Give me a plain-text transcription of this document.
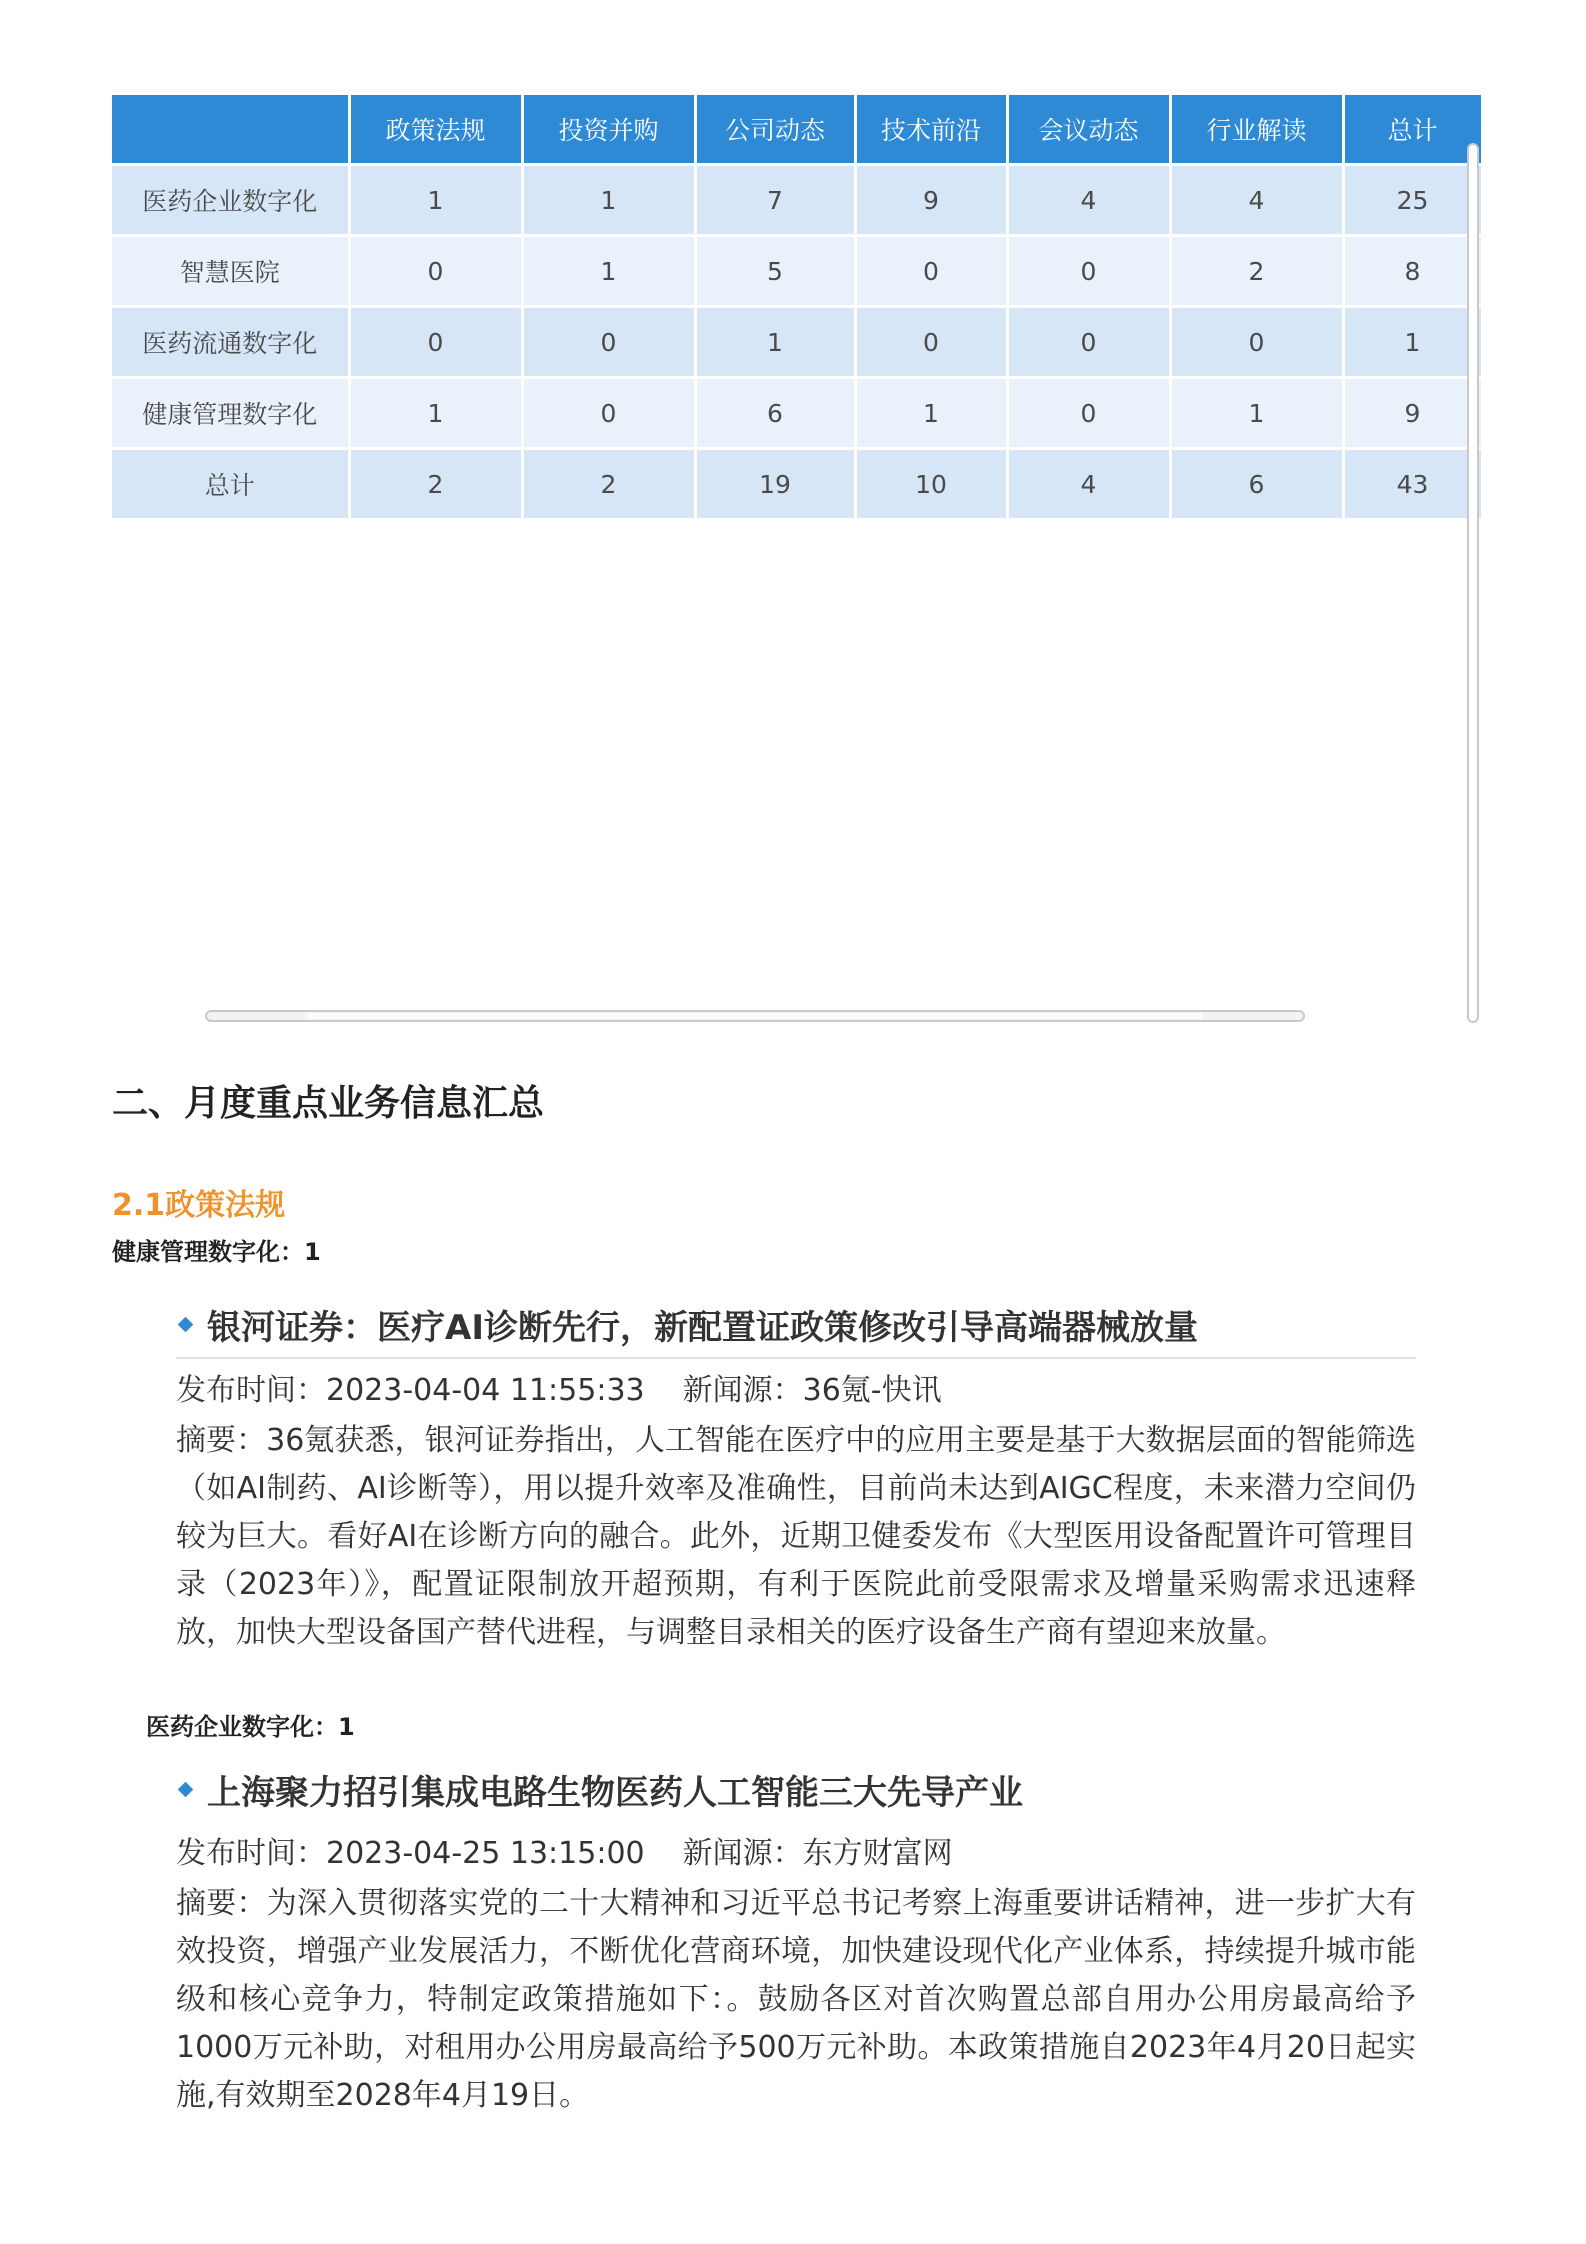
	政策法规	投资并购	公司动态	技术前沿	会议动态	行业解读	总计
医药企业数字化	1	1	7	9	4	4	25
智慧医院	0	1	5	0	0	2	8
医药流通数字化	0	0	1	0	0	0	1
健康管理数字化	1	0	6	1	0	1	9
总计	2	2	19	10	4	6	43
二、月度重点业务信息汇总
2.1政策法规

健康管理数字化：1

银河证券：医疗AI诊断先行，新配置证政策修改引导高端器械放量
发布时间：2023-04-04 11:55:33 新闻源：36氪-快讯
摘要：36氪获悉，银河证券指出，人工智能在医疗中的应用主要是基于大数据层面的智能筛选（如AI制药、AI诊断等），用以提升效率及准确性，目前尚未达到AIGC程度，未来潜力空间仍较为巨大。看好AI在诊断方向的融合。此外，近期卫健委发布《大型医用设备配置许可管理目录（2023年）》，配置证限制放开超预期，有利于医院此前受限需求及增量采购需求迅速释放，加快大型设备国产替代进程，与调整目录相关的医疗设备生产商有望迎来放量。

医药企业数字化：1

上海聚力招引集成电路生物医药人工智能三大先导产业
发布时间：2023-04-25 13:15:00 新闻源：东方财富网
摘要：为深入贯彻落实党的二十大精神和习近平总书记考察上海重要讲话精神，进一步扩大有效投资，增强产业发展活力，不断优化营商环境，加快建设现代化产业体系，持续提升城市能级和核心竞争力，特制定政策措施如下：。鼓励各区对首次购置总部自用办公用房最高给予1000万元补助，对租用办公用房最高给予500万元补助。本政策措施自2023年4月20日起实施,有效期至2028年4月19日。
